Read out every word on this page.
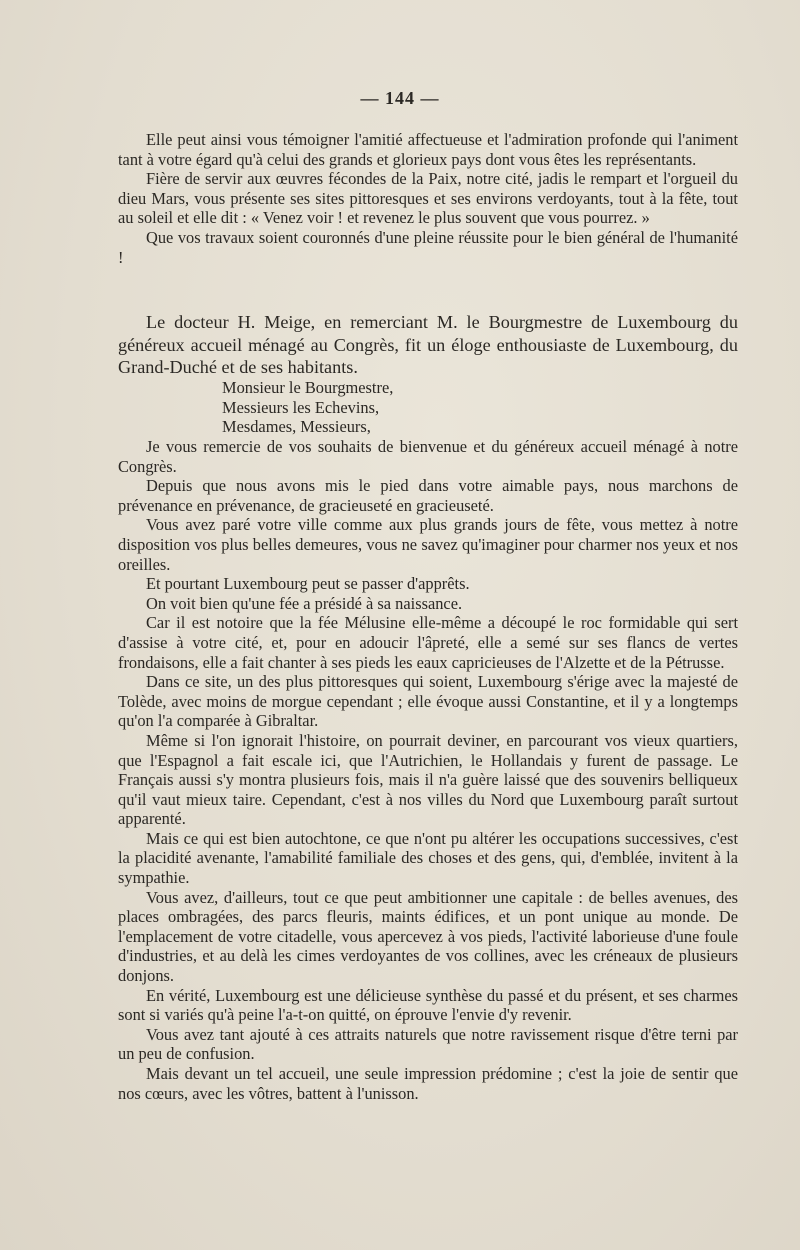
— 144 —

Elle peut ainsi vous témoigner l'amitié affectueuse et l'admiration profonde qui l'animent tant à votre égard qu'à celui des grands et glorieux pays dont vous êtes les représentants.

Fière de servir aux œuvres fécondes de la Paix, notre cité, jadis le rempart et l'orgueil du dieu Mars, vous présente ses sites pittoresques et ses environs verdoyants, tout à la fête, tout au soleil et elle dit : « Venez voir ! et revenez le plus souvent que vous pourrez. »

Que vos travaux soient couronnés d'une pleine réussite pour le bien général de l'humanité !

Le docteur H. Meige, en remerciant M. le Bourgmestre de Luxembourg du généreux accueil ménagé au Congrès, fit un éloge enthousiaste de Luxembourg, du Grand-Duché et de ses habitants.

Monsieur le Bourgmestre,
Messieurs les Echevins,
Mesdames, Messieurs,

Je vous remercie de vos souhaits de bienvenue et du généreux accueil ménagé à notre Congrès.

Depuis que nous avons mis le pied dans votre aimable pays, nous marchons de prévenance en prévenance, de gracieuseté en gracieuseté.

Vous avez paré votre ville comme aux plus grands jours de fête, vous mettez à notre disposition vos plus belles demeures, vous ne savez qu'imaginer pour charmer nos yeux et nos oreilles.

Et pourtant Luxembourg peut se passer d'apprêts.

On voit bien qu'une fée a présidé à sa naissance.

Car il est notoire que la fée Mélusine elle-même a découpé le roc formidable qui sert d'assise à votre cité, et, pour en adoucir l'âpreté, elle a semé sur ses flancs de vertes frondaisons, elle a fait chanter à ses pieds les eaux capricieuses de l'Alzette et de la Pétrusse.

Dans ce site, un des plus pittoresques qui soient, Luxembourg s'érige avec la majesté de Tolède, avec moins de morgue cependant ; elle évoque aussi Constantine, et il y a longtemps qu'on l'a comparée à Gibraltar.

Même si l'on ignorait l'histoire, on pourrait deviner, en parcourant vos vieux quartiers, que l'Espagnol a fait escale ici, que l'Autrichien, le Hollandais y furent de passage. Le Français aussi s'y montra plusieurs fois, mais il n'a guère laissé que des souvenirs belliqueux qu'il vaut mieux taire. Cependant, c'est à nos villes du Nord que Luxembourg paraît surtout apparenté.

Mais ce qui est bien autochtone, ce que n'ont pu altérer les occupations successives, c'est la placidité avenante, l'amabilité familiale des choses et des gens, qui, d'emblée, invitent à la sympathie.

Vous avez, d'ailleurs, tout ce que peut ambitionner une capitale : de belles avenues, des places ombragées, des parcs fleuris, maints édifices, et un pont unique au monde. De l'emplacement de votre citadelle, vous apercevez à vos pieds, l'activité laborieuse d'une foule d'industries, et au delà les cimes verdoyantes de vos collines, avec les créneaux de plusieurs donjons.

En vérité, Luxembourg est une délicieuse synthèse du passé et du présent, et ses charmes sont si variés qu'à peine l'a-t-on quitté, on éprouve l'envie d'y revenir.

Vous avez tant ajouté à ces attraits naturels que notre ravissement risque d'être terni par un peu de confusion.

Mais devant un tel accueil, une seule impression prédomine ; c'est la joie de sentir que nos cœurs, avec les vôtres, battent à l'unisson.
